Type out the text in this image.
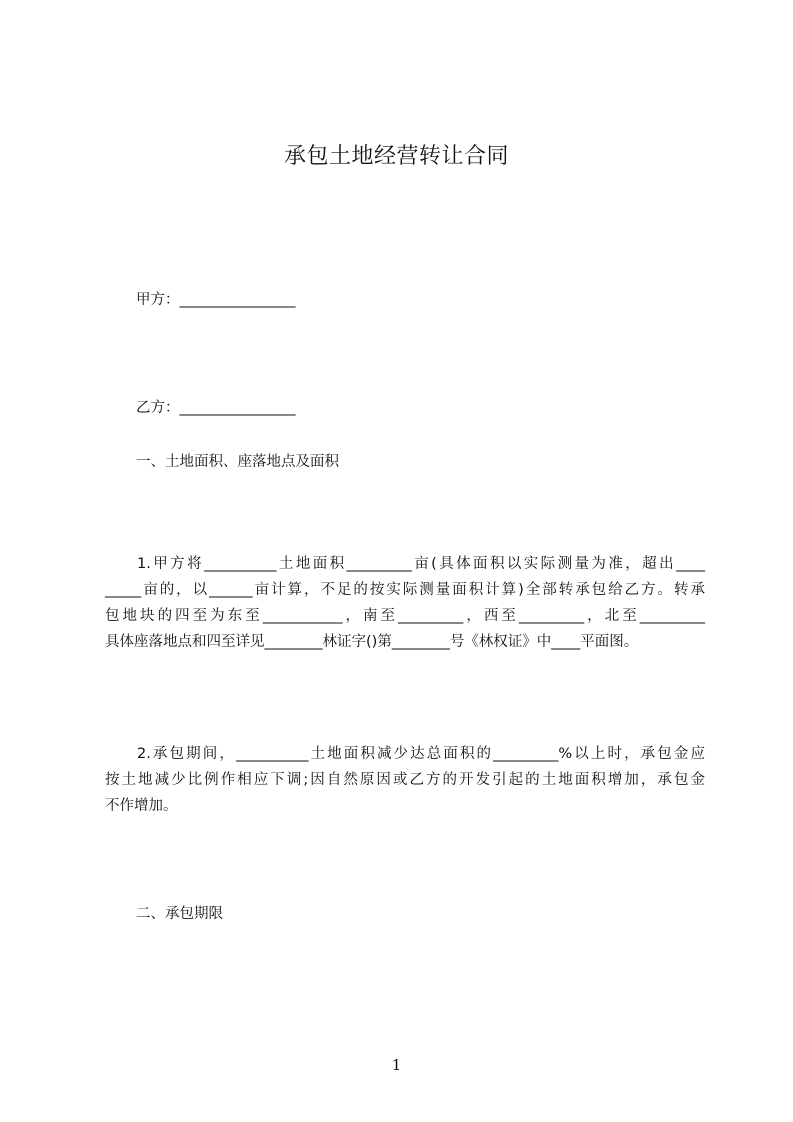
承包土地经营转让合同
甲方：________________
乙方：________________
一、土地面积、座落地点及面积
1.甲方将__________土地面积_________亩(具体面积以实际测量为准，超出____
_____亩的，以______亩计算，不足的按实际测量面积计算)全部转承包给乙方。转承
包地块的四至为东至___________，南至_________，西至_________，北至_________
具体座落地点和四至详见________林证字()第________号《林权证》中____平面图。
2.承包期间，__________土地面积减少达总面积的_________%以上时，承包金应
按土地减少比例作相应下调;因自然原因或乙方的开发引起的土地面积增加，承包金
不作增加。
二、承包期限
1
